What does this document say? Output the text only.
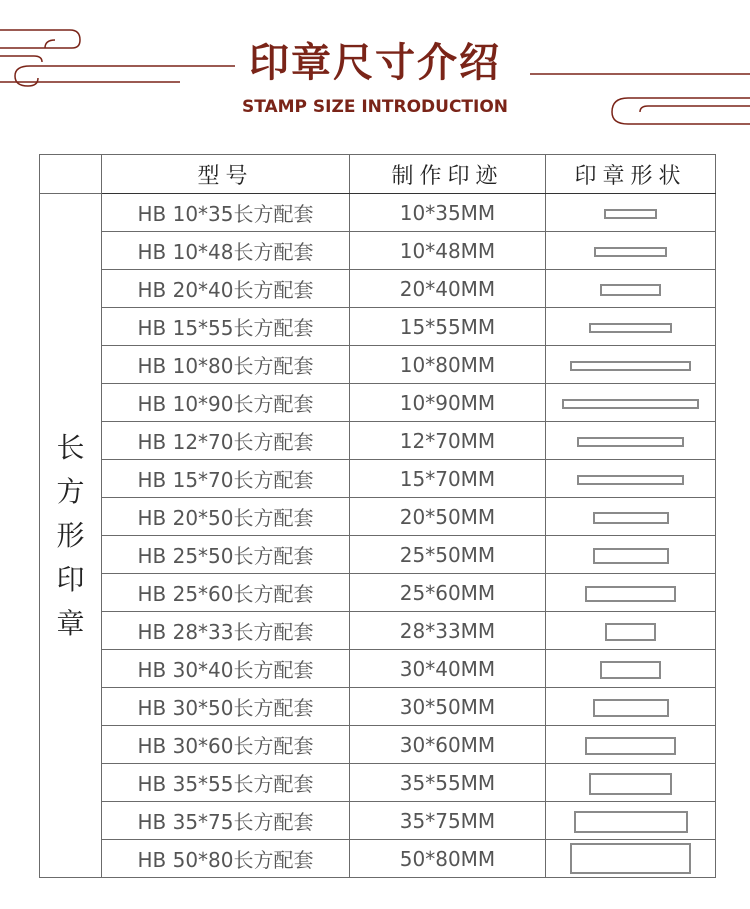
印章尺寸介绍
STAMP SIZE INTRODUCTION
	型号	制作印迹	印章形状
长方形印章	HB 10*35长方配套	10*35MM	
	HB 10*48长方配套	10*48MM	
	HB 20*40长方配套	20*40MM	
	HB 15*55长方配套	15*55MM	
	HB 10*80长方配套	10*80MM	
	HB 10*90长方配套	10*90MM	
	HB 12*70长方配套	12*70MM	
	HB 15*70长方配套	15*70MM	
	HB 20*50长方配套	20*50MM	
	HB 25*50长方配套	25*50MM	
	HB 25*60长方配套	25*60MM	
	HB 28*33长方配套	28*33MM	
	HB 30*40长方配套	30*40MM	
	HB 30*50长方配套	30*50MM	
	HB 30*60长方配套	30*60MM	
	HB 35*55长方配套	35*55MM	
	HB 35*75长方配套	35*75MM	
	HB 50*80长方配套	50*80MM	
